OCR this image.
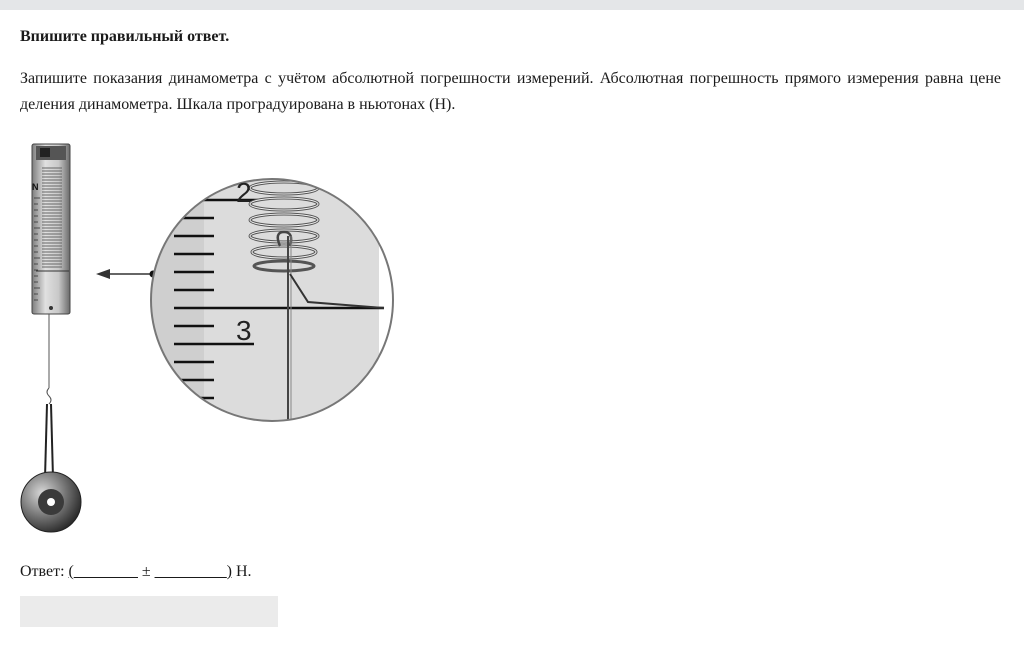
Впишите правильный ответ.
Запишите показания динамометра с учётом абсолютной погрешности измерений. Абсолютная погрешность прямого измерения равна цене деления динамометра. Шкала проградуирована в ньютонах (Н).
N	2
3
Ответ: (________ ± _________) Н.
